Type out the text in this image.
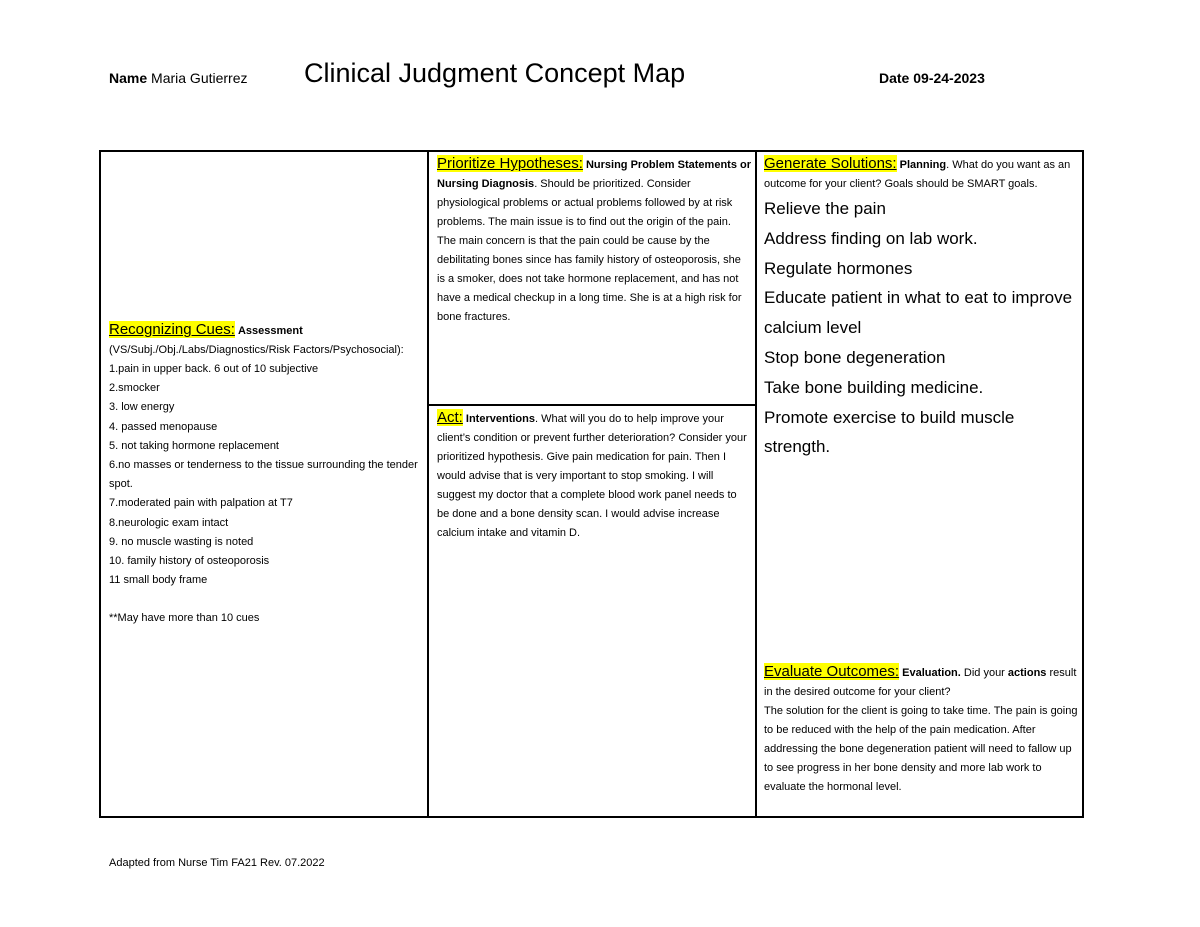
Name Maria Gutierrez Clinical Judgment Concept Map	Date 09-24-2023
Recognizing Cues: Assessment
(VS/Subj./Obj./Labs/Diagnostics/Risk Factors/Psychosocial):
1.pain in upper back. 6 out of 10 subjective
2.smocker
3. low energy
4. passed menopause
5. not taking hormone replacement
6.no masses or tenderness to the tissue surrounding the tender spot.
7.moderated pain with palpation at T7
8.neurologic exam intact
9. no muscle wasting is noted
10. family history of osteoporosis
11 small body frame
**May have more than 10 cues
Prioritize Hypotheses: Nursing Problem Statements or Nursing Diagnosis. Should be prioritized. Consider physiological problems or actual problems followed by at risk problems. The main issue is to find out the origin of the pain. The main concern is that the pain could be cause by the debilitating bones since has family history of osteoporosis, she is a smoker, does not take hormone replacement, and has not have a medical checkup in a long time. She is at a high risk for bone fractures.
Act: Interventions. What will you do to help improve your client’s condition or prevent further deterioration? Consider your prioritized hypothesis. Give pain medication for pain. Then I would advise that is very important to stop smoking. I will suggest my doctor that a complete blood work panel needs to be done and a bone density scan. I would advise increase calcium intake and vitamin D.
Generate Solutions: Planning. What do you want as an outcome for your client? Goals should be SMART goals.
Relieve the pain
Address finding on lab work.
Regulate hormones
Educate patient in what to eat to improve calcium level
Stop bone degeneration
Take bone building medicine.
Promote exercise to build muscle strength.
Evaluate Outcomes: Evaluation. Did your actions result in the desired outcome for your client?
The solution for the client is going to take time. The pain is going to be reduced with the help of the pain medication. After addressing the bone degeneration patient will need to fallow up to see progress in her bone density and more lab work to evaluate the hormonal level.
Adapted from Nurse Tim FA21 Rev. 07.2022
